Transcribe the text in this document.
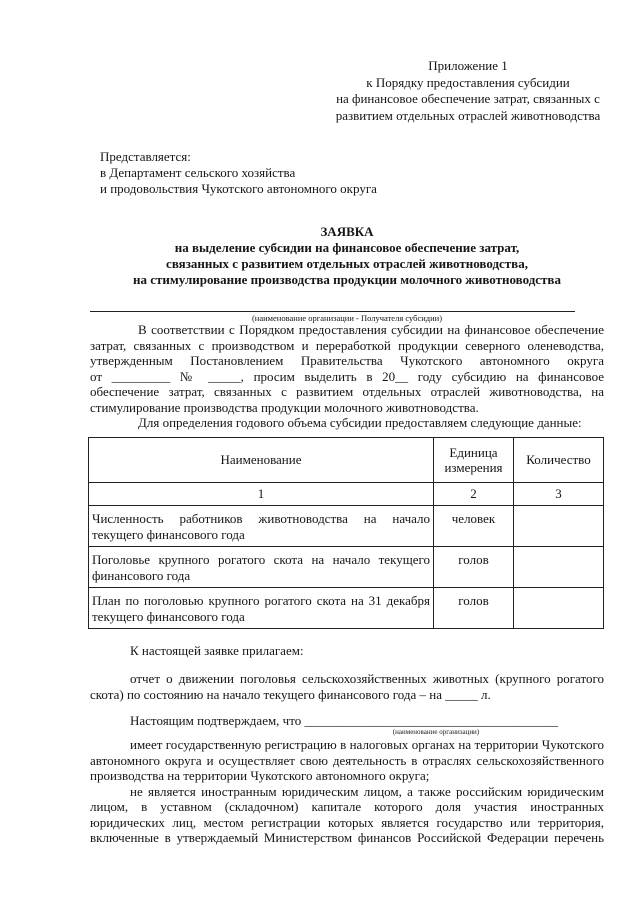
Приложение 1
к Порядку предоставления субсидии
на финансовое обеспечение затрат, связанных с
развитием отдельных отраслей животноводства
Представляется:
в Департамент сельского хозяйства
и продовольствия Чукотского автономного округа
ЗАЯВКА
на выделение субсидии на финансовое обеспечение затрат,
связанных с развитием отдельных отраслей животноводства,
на стимулирование производства продукции молочного животноводства
(наименование организации - Получателя субсидии)
В соответствии с Порядком предоставления субсидии на финансовое обеспечение
затрат, связанных с производством и переработкой продукции северного оленеводства,
утвержденным Постановлением Правительства Чукотского автономного округа
от _________ № _____, просим выделить в 20__ году субсидию на финансовое
обеспечение затрат, связанных с развитием отдельных отраслей животноводства, на
стимулирование производства продукции молочного животноводства.
Для определения годового объема субсидии предоставляем следующие данные:
Наименование	Единица измерения	Количество
1	2	3

Численность работников животноводства на начало
текущего финансового года	человек	

Поголовье крупного рогатого скота на начало текущего
финансового года	голов	

План по поголовью крупного рогатого скота на 31 декабря
текущего финансового года	голов	
К настоящей заявке прилагаем:
отчет о движении поголовья сельскохозяйственных животных (крупного рогатого
скота) по состоянию на начало текущего финансового года – на _____ л.
Настоящим подтверждаем, что _______________________________________
(наименование организации)
имеет государственную регистрацию в налоговых органах на территории Чукотского
автономного округа и осуществляет свою деятельность в отраслях сельскохозяйственного
производства на территории Чукотского автономного округа;
не является иностранным юридическим лицом, а также российским юридическим
лицом, в уставном (складочном) капитале которого доля участия иностранных
юридических лиц, местом регистрации которых является государство или территория,
включенные в утверждаемый Министерством финансов Российской Федерации перечень
